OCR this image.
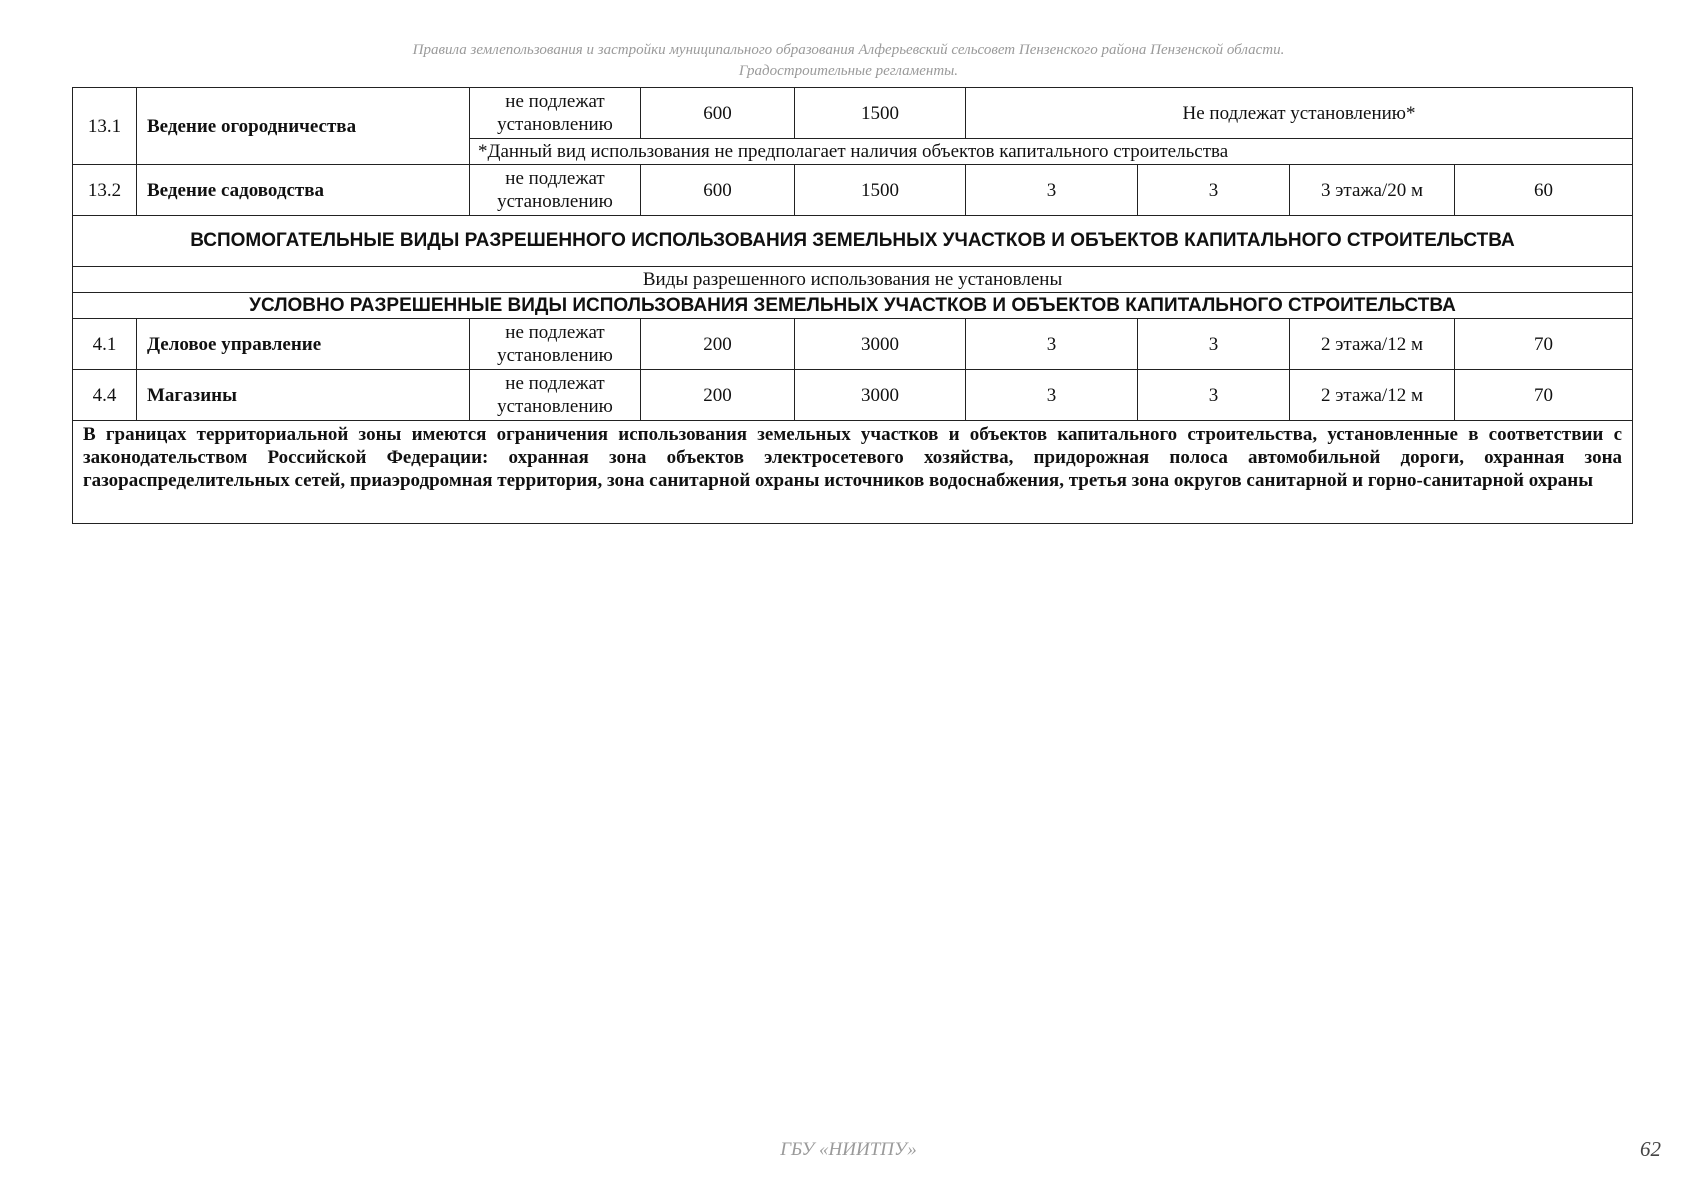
Правила землепользования и застройки муниципального образования Алферьевский сельсовет Пензенского района Пензенской области.
Градостроительные регламенты.
13.1	Ведение огородничества	не подлежат установлению	600	1500	Не подлежат установлению*			
		*Данный вид использования не предполагает наличия объектов капитального строительства						
13.2	Ведение садоводства	не подлежат установлению	600	1500	3	3	3 этажа/20 м	60
ВСПОМОГАТЕЛЬНЫЕ ВИДЫ РАЗРЕШЕННОГО ИСПОЛЬЗОВАНИЯ ЗЕМЕЛЬНЫХ УЧАСТКОВ И ОБЪЕКТОВ КАПИТАЛЬНОГО СТРОИТЕЛЬСТВА								
Виды разрешенного использования не установлены								
УСЛОВНО РАЗРЕШЕННЫЕ ВИДЫ ИСПОЛЬЗОВАНИЯ ЗЕМЕЛЬНЫХ УЧАСТКОВ И ОБЪЕКТОВ КАПИТАЛЬНОГО СТРОИТЕЛЬСТВА								
4.1	Деловое управление	не подлежат установлению	200	3000	3	3	2 этажа/12 м	70
4.4	Магазины	не подлежат установлению	200	3000	3	3	2 этажа/12 м	70
В границах территориальной зоны имеются ограничения использования земельных участков и объектов капитального строительства, установленные в соответствии с законодательством Российской Федерации: охранная зона объектов электросетевого хозяйства, придорожная полоса автомобильной дороги, охранная зона газораспределительных сетей, приаэродромная территория, зона санитарной охраны источников водоснабжения, третья зона округов санитарной и горно-санитарной охраны								
ГБУ «НИИТПУ»	62
